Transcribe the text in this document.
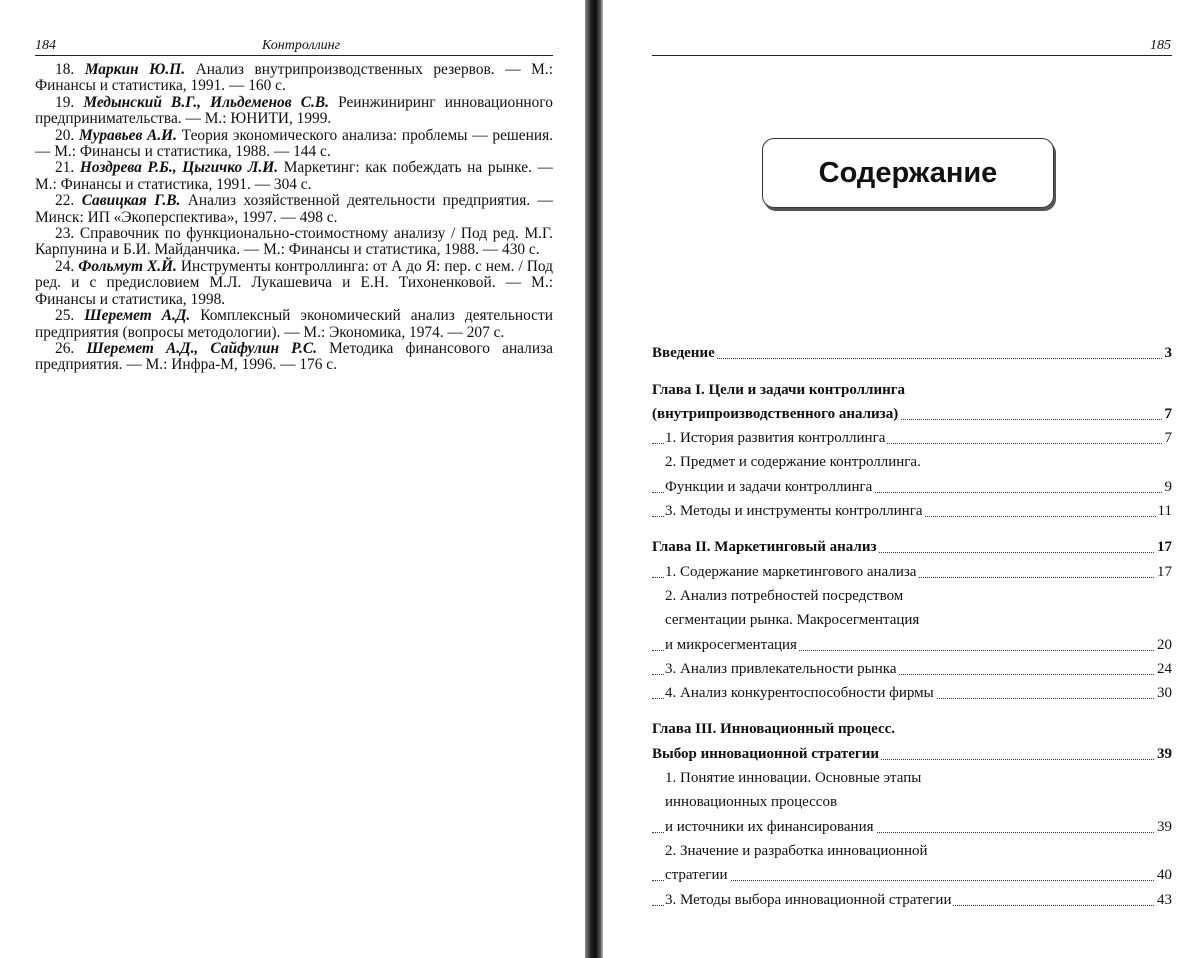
184	Контроллинг

18. Маркин Ю.П. Анализ внутрипроизводственных резервов. — М.: Финансы и статистика, 1991. — 160 с.

19. Медынский В.Г., Ильдеменов С.В. Реинжиниринг инновационного предпринимательства. — М.: ЮНИТИ, 1999.

20. Муравьев А.И. Теория экономического анализа: проблемы — решения.— М.: Финансы и статистика, 1988. — 144 с.

21. Ноздрева Р.Б., Цыгичко Л.И. Маркетинг: как побеждать на рынке. — М.: Финансы и статистика, 1991. — 304 с.

22. Савицкая Г.В. Анализ хозяйственной деятельности предприятия. — Минск: ИП «Экоперспектива», 1997. — 498 с.

23. Справочник по функционально-стоимостному анализу / Под ред. М.Г. Карпунина и Б.И. Майданчика. — М.: Финансы и статистика, 1988. — 430 с.

24. Фольмут Х.Й. Инструменты контроллинга: от А до Я: пер. с нем. / Под ред. и с предисловием М.Л. Лукашевича и Е.Н. Тихоненковой. — М.: Финансы и статистика, 1998.

25. Шеремет А.Д. Комплексный экономический анализ деятельности предприятия (вопросы методологии). — М.: Экономика, 1974. — 207 с.

26. Шеремет А.Д., Сайфулин Р.С. Методика финансового анализа предприятия. — М.: Инфра-М, 1996. — 176 с.

185
Содержание
Введение	3
Глава I. Цели и задачи контроллинга
(внутрипроизводственного анализа)	7
1. История развития контроллинга	7
2. Предмет и содержание контроллинга.
Функции и задачи контроллинга	9
3. Методы и инструменты контроллинга	11
Глава II. Маркетинговый анализ	17
1. Содержание маркетингового анализа	17
2. Анализ потребностей посредством
сегментации рынка. Макросегментация
и микросегментация	20
3. Анализ привлекательности рынка	24
4. Анализ конкурентоспособности фирмы	30
Глава III. Инновационный процесс.
Выбор инновационной стратегии	39
1. Понятие инновации. Основные этапы
инновационных процессов
и источники их финансирования	39
2. Значение и разработка инновационной
стратегии	40
3. Методы выбора инновационной стратегии	43
